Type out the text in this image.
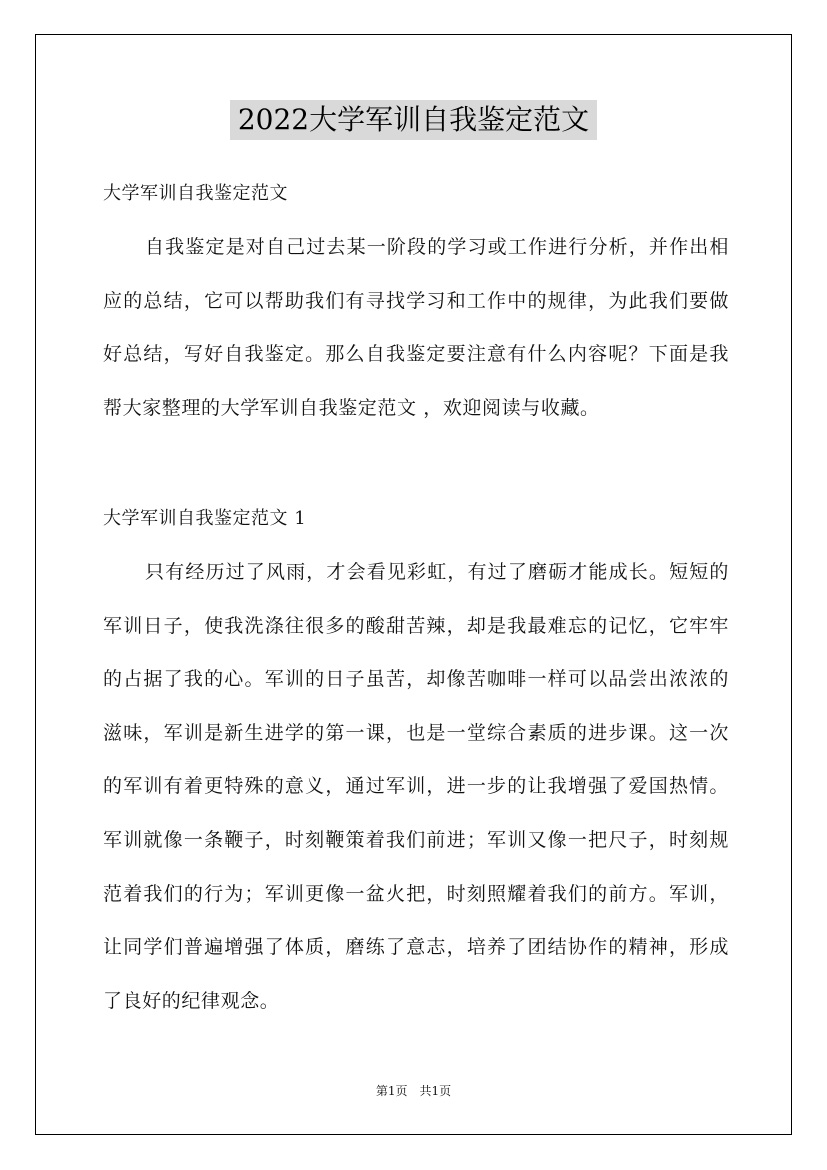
2022大学军训自我鉴定范文
大学军训自我鉴定范文

自我鉴定是对自己过去某一阶段的学习或工作进行分析，并作出相应的总结，它可以帮助我们有寻找学习和工作中的规律，为此我们要做好总结，写好自我鉴定。那么自我鉴定要注意有什么内容呢？下面是我帮大家整理的大学军训自我鉴定范文 ，欢迎阅读与收藏。

大学军训自我鉴定范文 1

只有经历过了风雨，才会看见彩虹，有过了磨砺才能成长。短短的军训日子，使我洗涤往很多的酸甜苦辣，却是我最难忘的记忆，它牢牢的占据了我的心。军训的日子虽苦，却像苦咖啡一样可以品尝出浓浓的滋味，军训是新生进学的第一课，也是一堂综合素质的进步课。这一次的军训有着更特殊的意义，通过军训，进一步的让我增强了爱国热情。军训就像一条鞭子，时刻鞭策着我们前进；军训又像一把尺子，时刻规范着我们的行为；军训更像一盆火把，时刻照耀着我们的前方。军训，让同学们普遍增强了体质，磨练了意志，培养了团结协作的精神，形成了良好的纪律观念。

第1页　共1页
